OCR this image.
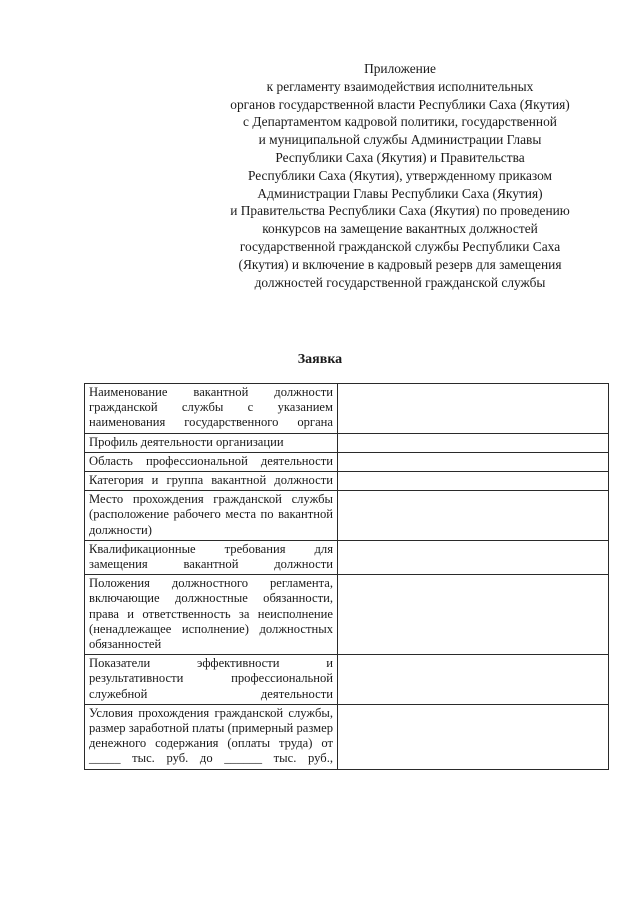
Приложение
к регламенту взаимодействия исполнительных
органов государственной власти Республики Саха (Якутия)
с Департаментом кадровой политики, государственной
и муниципальной службы Администрации Главы
Республики Саха (Якутия) и Правительства
Республики Саха (Якутия), утвержденному приказом
Администрации Главы Республики Саха (Якутия)
и Правительства Республики Саха (Якутия) по проведению
конкурсов на замещение вакантных должностей
государственной гражданской службы Республики Саха
(Якутия) и включение в кадровый резерв для замещения
должностей государственной гражданской службы
Заявка
Наименование вакантной должности гражданской службы с указанием наименования государственного органа	
Профиль деятельности организации	
Область профессиональной деятельности	
Категория и группа вакантной должности	
Место прохождения гражданской службы (расположение рабочего места по вакантной должности)	
Квалификационные требования для замещения вакантной должности	
Положения должностного регламента, включающие должностные обязанности, права и ответственность за неисполнение (ненадлежащее исполнение) должностных обязанностей	
Показатели эффективности и результативности профессиональной служебной деятельности	
Условия прохождения гражданской службы, размер заработной платы (примерный размер денежного содержания (оплаты труда) от _____ тыс. руб. до ______ тыс. руб.,	
